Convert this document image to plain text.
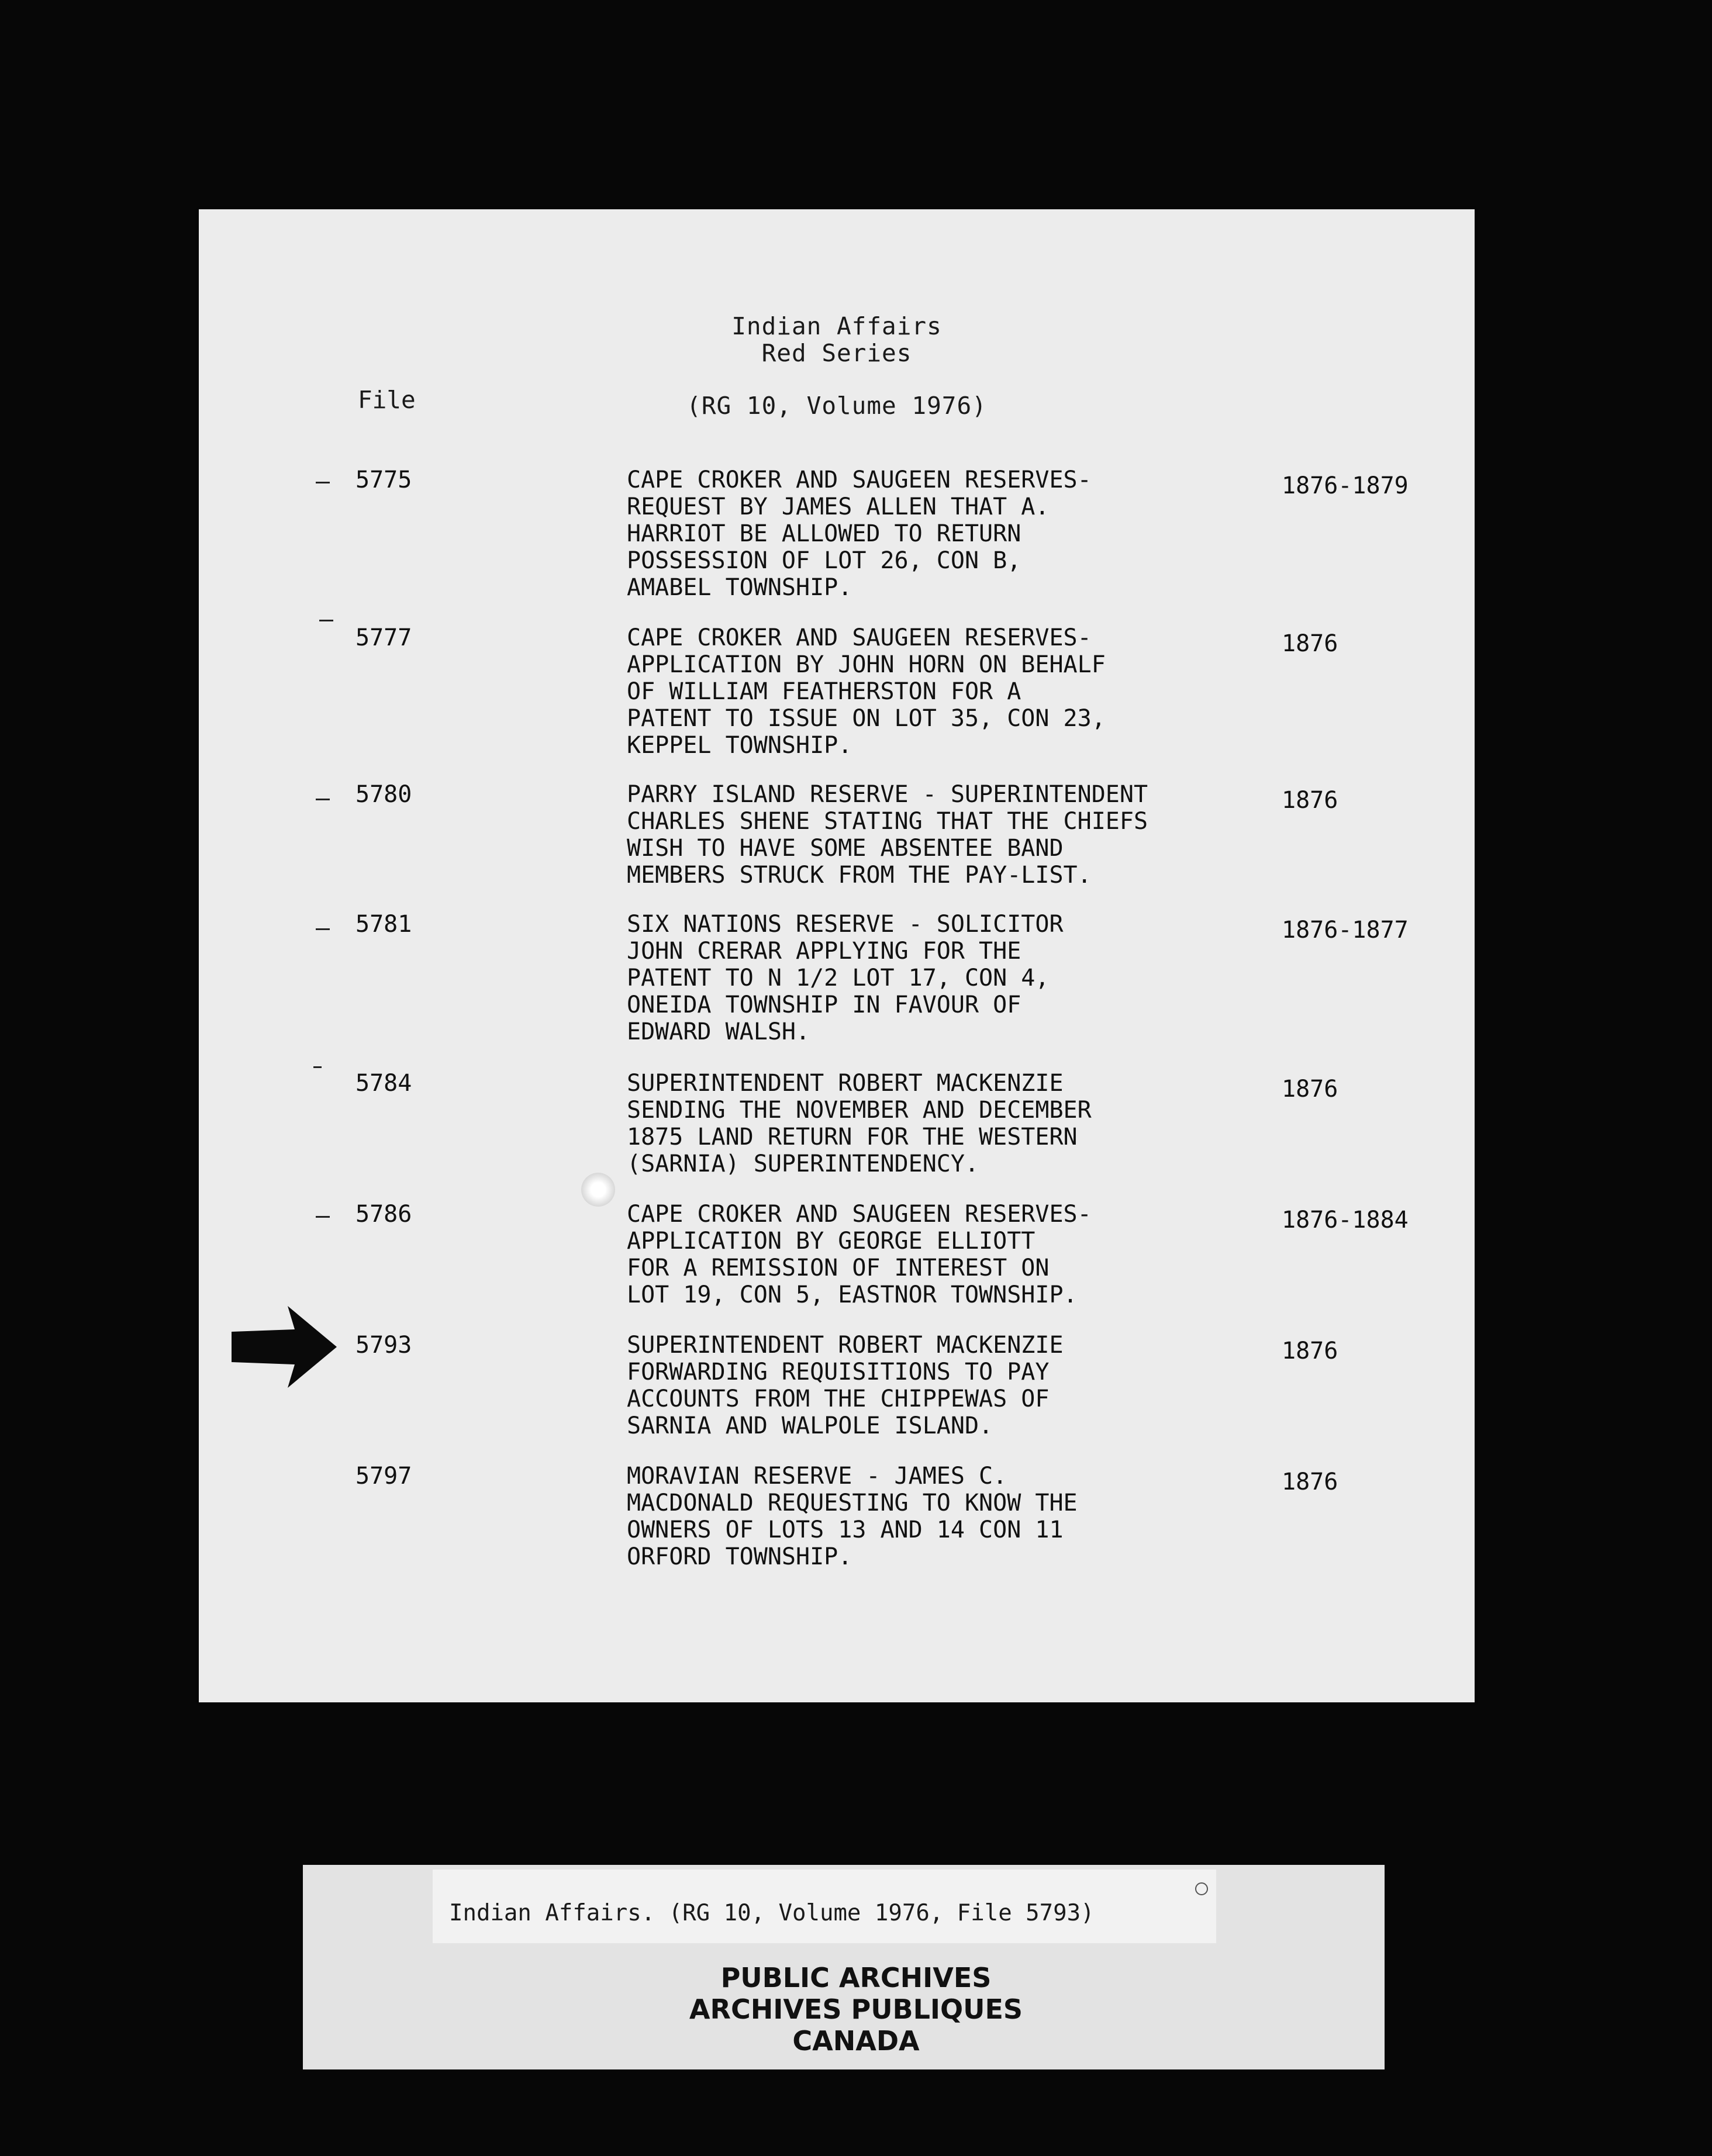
Indian Affairs
Red Series
(RG 10, Volume 1976)
File
5775	CAPE CROKER AND SAUGEEN RESERVES-
REQUEST BY JAMES ALLEN THAT A.
HARRIOT BE ALLOWED TO RETURN
POSSESSION OF LOT 26, CON B,
AMABEL TOWNSHIP.
1876-1879
5777	CAPE CROKER AND SAUGEEN RESERVES-
APPLICATION BY JOHN HORN ON BEHALF
OF WILLIAM FEATHERSTON FOR A
PATENT TO ISSUE ON LOT 35, CON 23,
KEPPEL TOWNSHIP.
1876
5780	PARRY ISLAND RESERVE - SUPERINTENDENT
CHARLES SHENE STATING THAT THE CHIEFS
WISH TO HAVE SOME ABSENTEE BAND
MEMBERS STRUCK FROM THE PAY-LIST.
1876
5781	SIX NATIONS RESERVE - SOLICITOR
JOHN CRERAR APPLYING FOR THE
PATENT TO N 1/2 LOT 17, CON 4,
ONEIDA TOWNSHIP IN FAVOUR OF
EDWARD WALSH.
1876-1877
5784	SUPERINTENDENT ROBERT MACKENZIE
SENDING THE NOVEMBER AND DECEMBER
1875 LAND RETURN FOR THE WESTERN
(SARNIA) SUPERINTENDENCY.
1876
5786	CAPE CROKER AND SAUGEEN RESERVES-
APPLICATION BY GEORGE ELLIOTT
FOR A REMISSION OF INTEREST ON
LOT 19, CON 5, EASTNOR TOWNSHIP.
1876-1884
5793	SUPERINTENDENT ROBERT MACKENZIE
FORWARDING REQUISITIONS TO PAY
ACCOUNTS FROM THE CHIPPEWAS OF
SARNIA AND WALPOLE ISLAND.
1876
5797	MORAVIAN RESERVE - JAMES C.
MACDONALD REQUESTING TO KNOW THE
OWNERS OF LOTS 13 AND 14 CON 11
ORFORD TOWNSHIP.
1876
Indian Affairs. (RG 10, Volume 1976, File 5793)
PUBLIC ARCHIVES
ARCHIVES PUBLIQUES
CANADA
